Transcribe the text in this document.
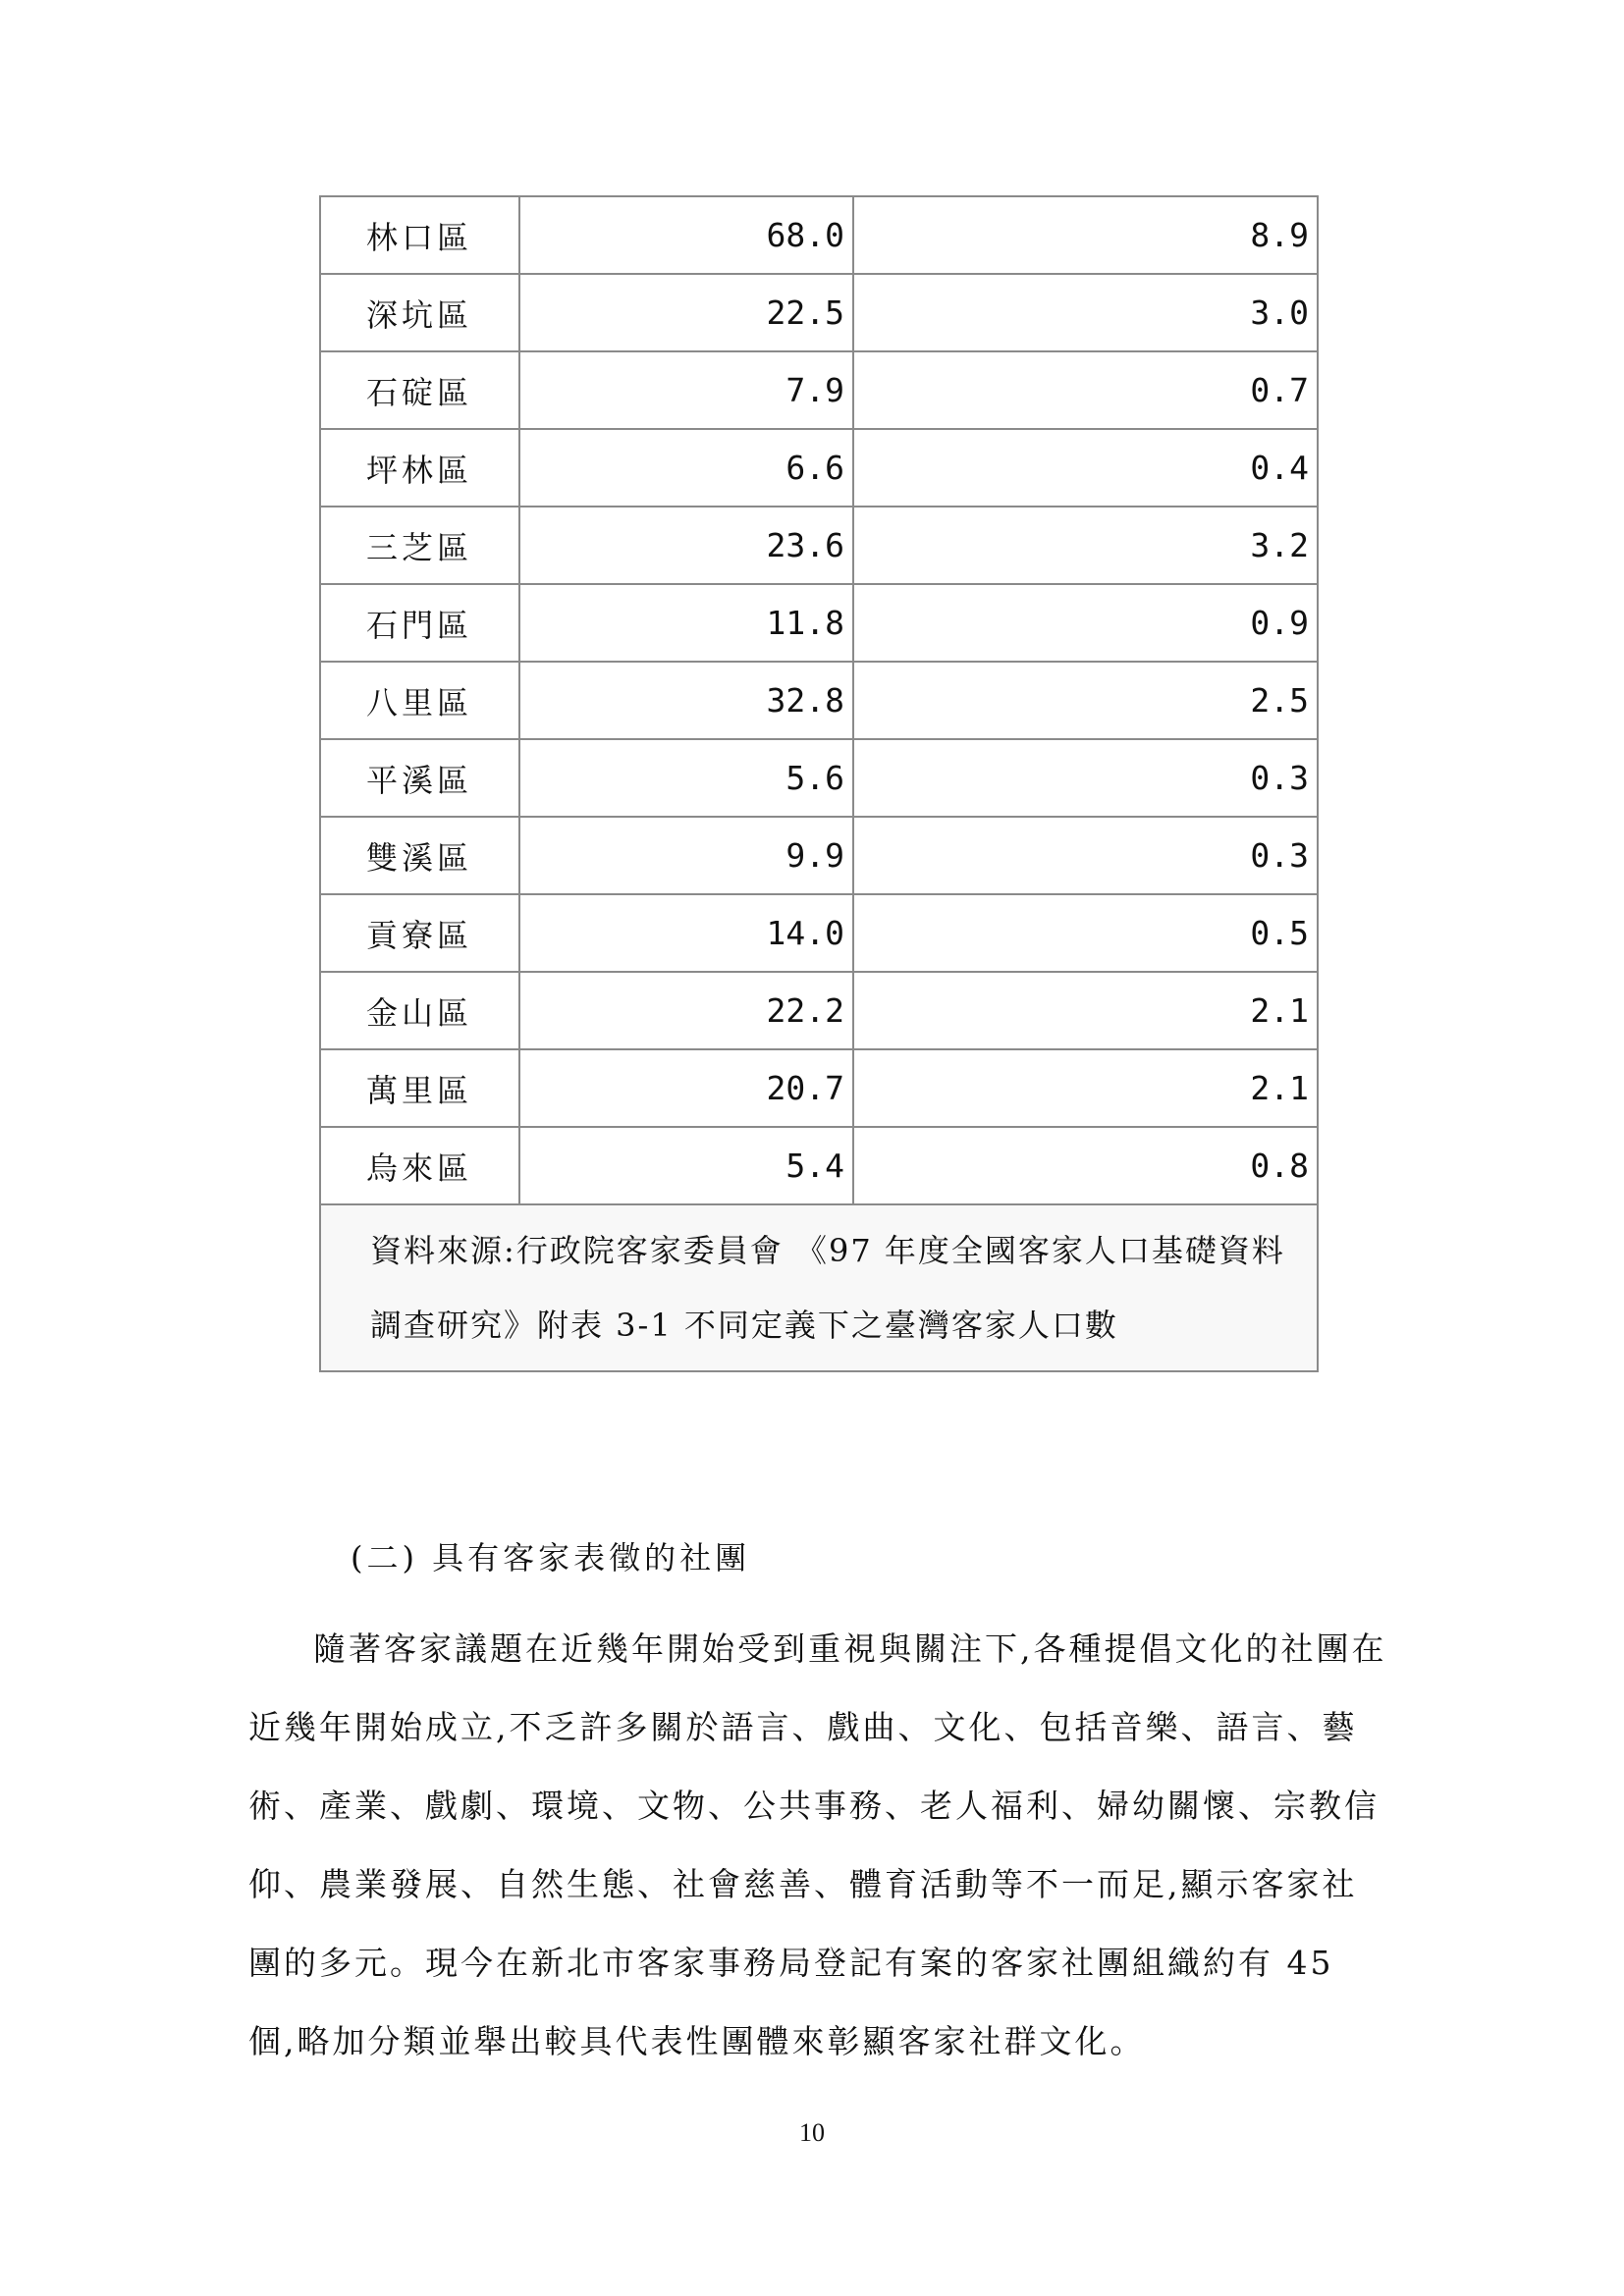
林口區	68.0	8.9
深坑區	22.5	3.0
石碇區	7.9	0.7
坪林區	6.6	0.4
三芝區	23.6	3.2
石門區	11.8	0.9
八里區	32.8	2.5
平溪區	5.6	0.3
雙溪區	9.9	0.3
貢寮區	14.0	0.5
金山區	22.2	2.1
萬里區	20.7	2.1
烏來區	5.4	0.8
資料來源:行政院客家委員會 《97 年度全國客家人口基礎資料調查研究》附表 3-1 不同定義下之臺灣客家人口數		
(二) 具有客家表徵的社團

隨著客家議題在近幾年開始受到重視與關注下,各種提倡文化的社團在近幾年開始成立,不乏許多關於語言、戲曲、文化、包括音樂、語言、藝術、產業、戲劇、環境、文物、公共事務、老人福利、婦幼關懷、宗教信仰、農業發展、自然生態、社會慈善、體育活動等不一而足,顯示客家社團的多元。現今在新北市客家事務局登記有案的客家社團組織約有 45 個,略加分類並舉出較具代表性團體來彰顯客家社群文化。

10
